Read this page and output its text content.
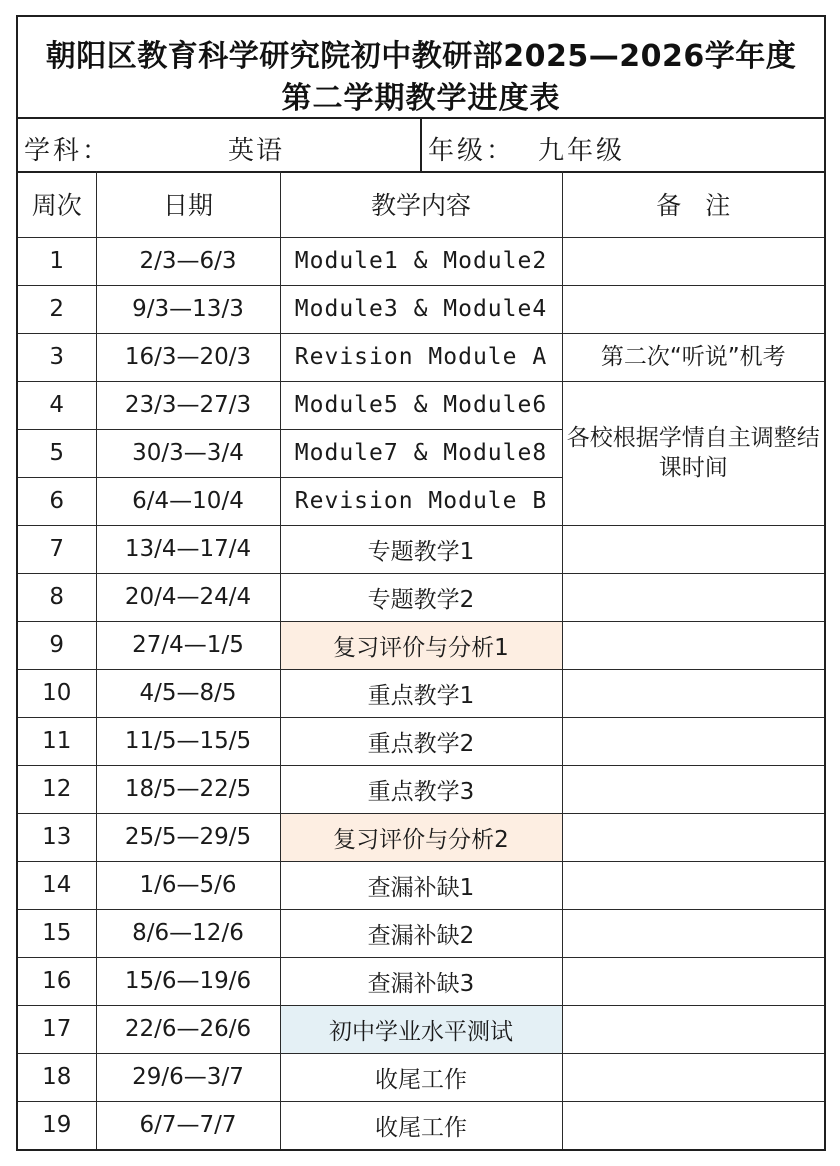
朝阳区教育科学研究院初中教研部2025—2026学年度
第二学期教学进度表
学科：	英语	年级： 九年级
周次	日期	教学内容	备注
1	2/3—6/3	Module1 & Module2	
2	9/3—13/3	Module3 & Module4	
3	16/3—20/3	Revision Module A	第二次“听说”机考
4	23/3—27/3	Module5 & Module6	各校根据学情自主调整结课时间
5	30/3—3/4	Module7 & Module8	
6	6/4—10/4	Revision Module B	
7	13/4—17/4	专题教学1	
8	20/4—24/4	专题教学2	
9	27/4—1/5	复习评价与分析1	
10	4/5—8/5	重点教学1	
11	11/5—15/5	重点教学2	
12	18/5—22/5	重点教学3	
13	25/5—29/5	复习评价与分析2	
14	1/6—5/6	查漏补缺1	
15	8/6—12/6	查漏补缺2	
16	15/6—19/6	查漏补缺3	
17	22/6—26/6	初中学业水平测试	
18	29/6—3/7	收尾工作	
19	6/7—7/7	收尾工作	
